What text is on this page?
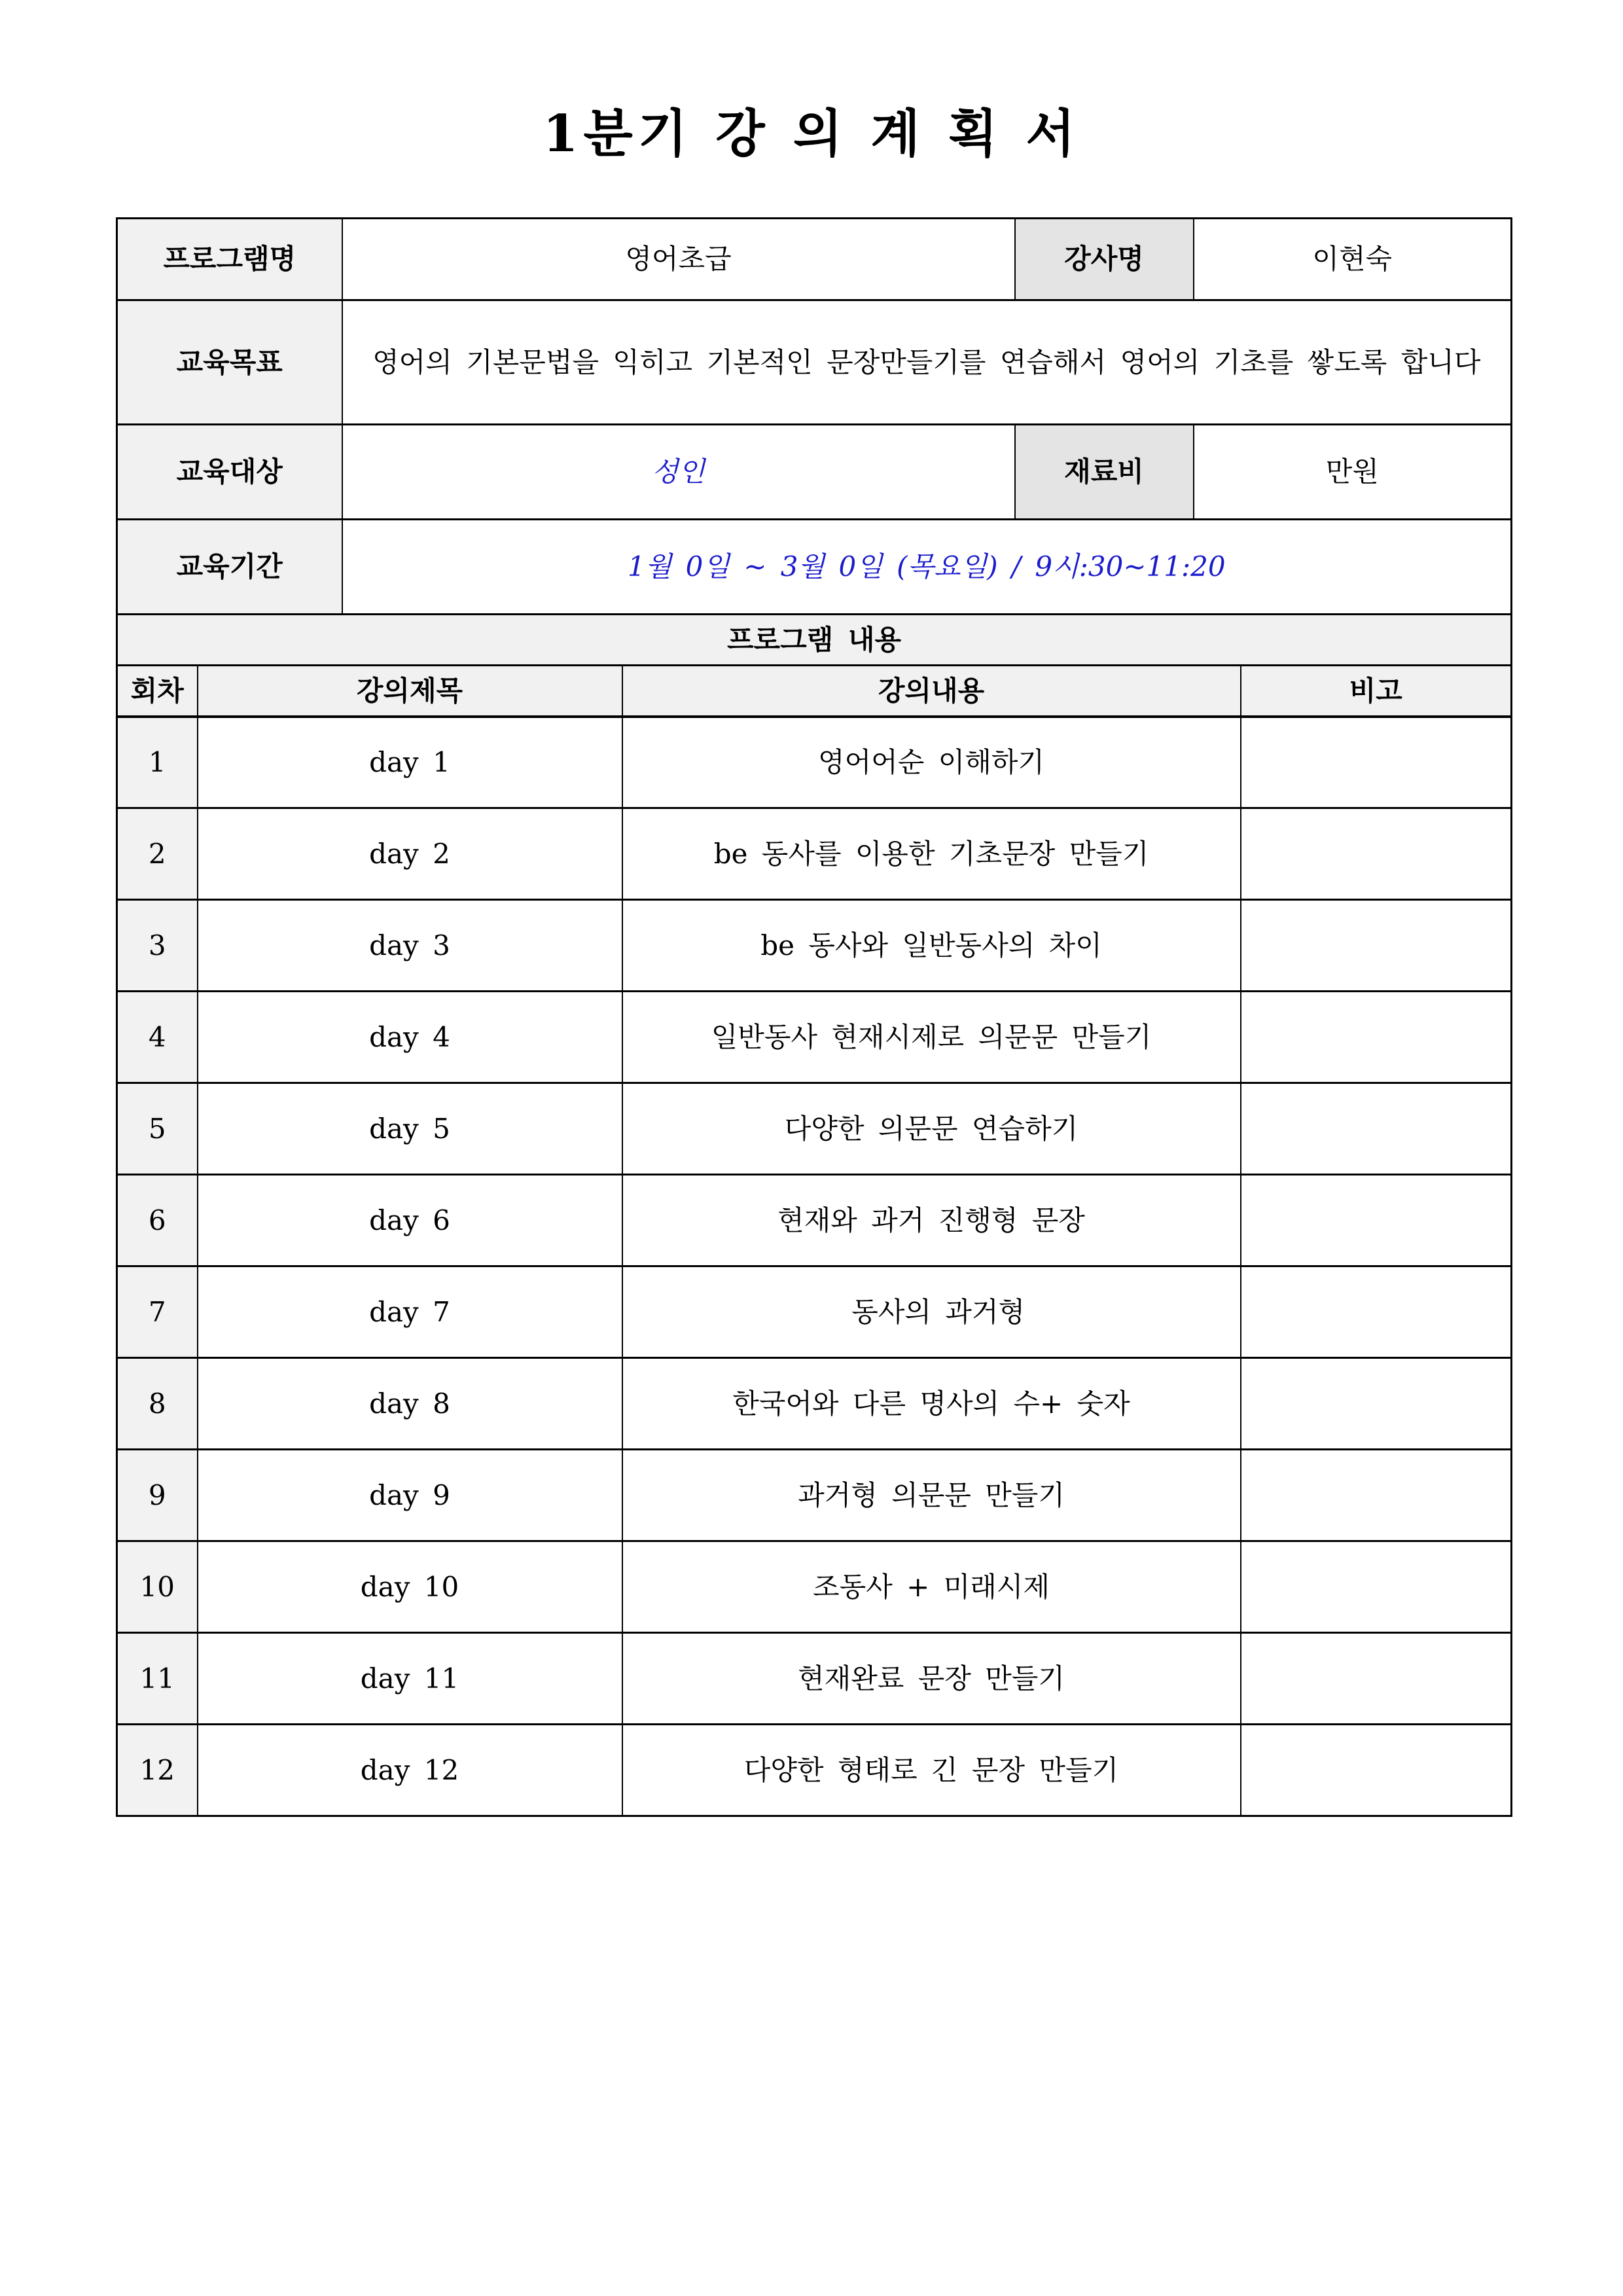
1분기 강 의 계 획 서
프로그램명		영어초급		강사명	이현숙	
교육목표		영어의 기본문법을 익히고 기본적인 문장만들기를 연습해서 영어의 기초를 쌓도록 합니다				
교육대상		성인		재료비	만원	
교육기간		1월 0일 ~ 3월 0일 (목요일) / 9시:30~11:20				
프로그램 내용						
회차	강의제목		강의내용			비고
1	day 1		영어어순 이해하기			
2	day 2		be 동사를 이용한 기초문장 만들기			
3	day 3		be 동사와 일반동사의 차이			
4	day 4		일반동사 현재시제로 의문문 만들기			
5	day 5		다양한 의문문 연습하기			
6	day 6		현재와 과거 진행형 문장			
7	day 7		동사의 과거형			
8	day 8		한국어와 다른 명사의 수+ 숫자			
9	day 9		과거형 의문문 만들기			
10	day 10		조동사 + 미래시제			
11	day 11		현재완료 문장 만들기			
12	day 12		다양한 형태로 긴 문장 만들기			
